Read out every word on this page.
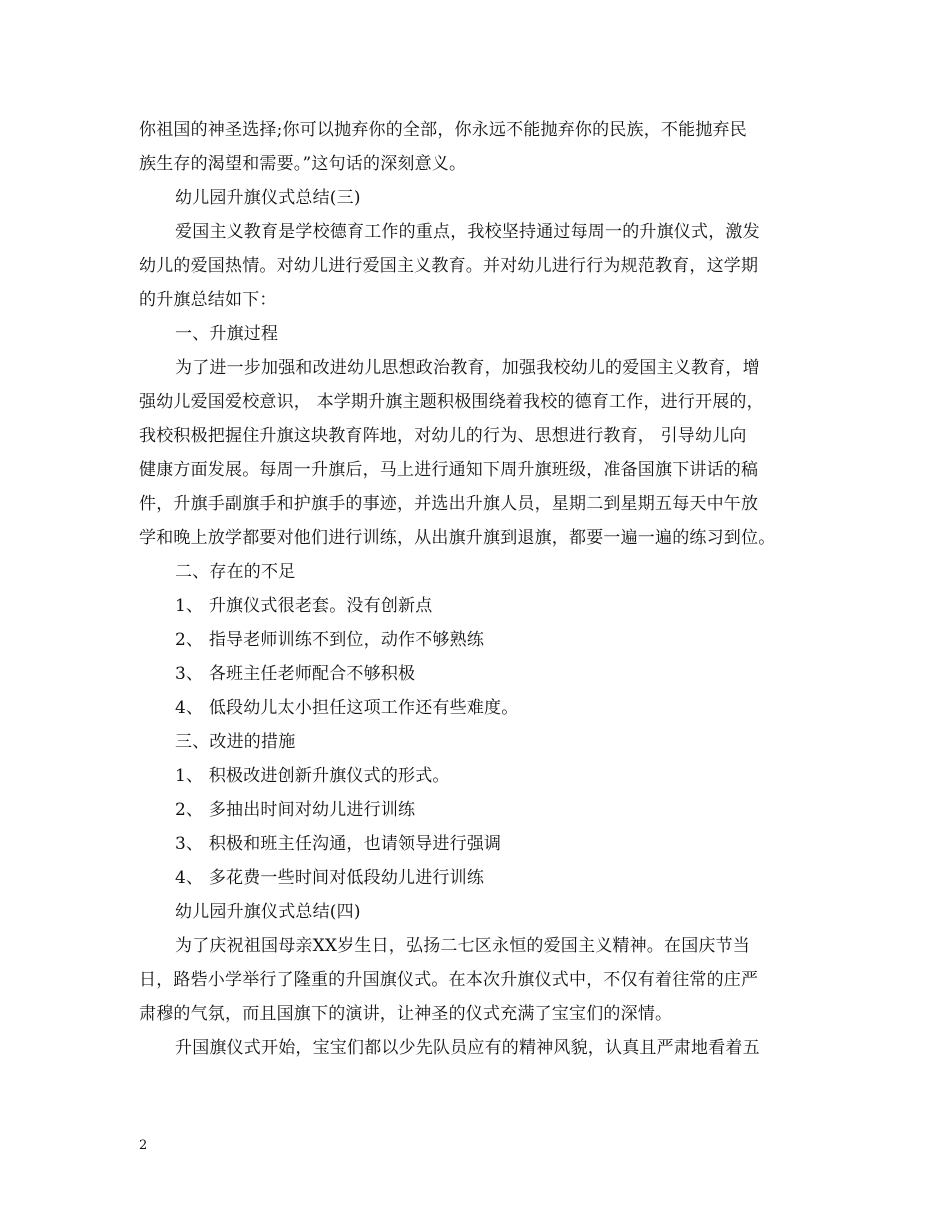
你祖国的神圣选择;你可以抛弃你的全部，你永远不能抛弃你的民族，不能抛弃民
族生存的渴望和需要。”这句话的深刻意义。
幼儿园升旗仪式总结(三)
爱国主义教育是学校德育工作的重点，我校坚持通过每周一的升旗仪式，激发
幼儿的爱国热情。对幼儿进行爱国主义教育。并对幼儿进行行为规范教育，这学期
的升旗总结如下：
一、升旗过程
为了进一步加强和改进幼儿思想政治教育，加强我校幼儿的爱国主义教育，增
强幼儿爱国爱校意识， 本学期升旗主题积极围绕着我校的德育工作，进行开展的，
我校积极把握住升旗这块教育阵地，对幼儿的行为、思想进行教育， 引导幼儿向
健康方面发展。每周一升旗后，马上进行通知下周升旗班级，准备国旗下讲话的稿
件，升旗手副旗手和护旗手的事迹，并选出升旗人员，星期二到星期五每天中午放
学和晚上放学都要对他们进行训练，从出旗升旗到退旗，都要一遍一遍的练习到位。
二、存在的不足
1、 升旗仪式很老套。没有创新点
2、 指导老师训练不到位，动作不够熟练
3、 各班主任老师配合不够积极
4、 低段幼儿太小担任这项工作还有些难度。
三、改进的措施
1、 积极改进创新升旗仪式的形式。
2、 多抽出时间对幼儿进行训练
3、 积极和班主任沟通，也请领导进行强调
4、 多花费一些时间对低段幼儿进行训练
幼儿园升旗仪式总结(四)
为了庆祝祖国母亲XX岁生日，弘扬二七区永恒的爱国主义精神。在国庆节当
日，路砦小学举行了隆重的升国旗仪式。在本次升旗仪式中，不仅有着往常的庄严
肃穆的气氛，而且国旗下的演讲，让神圣的仪式充满了宝宝们的深情。
升国旗仪式开始，宝宝们都以少先队员应有的精神风貌，认真且严肃地看着五
2
